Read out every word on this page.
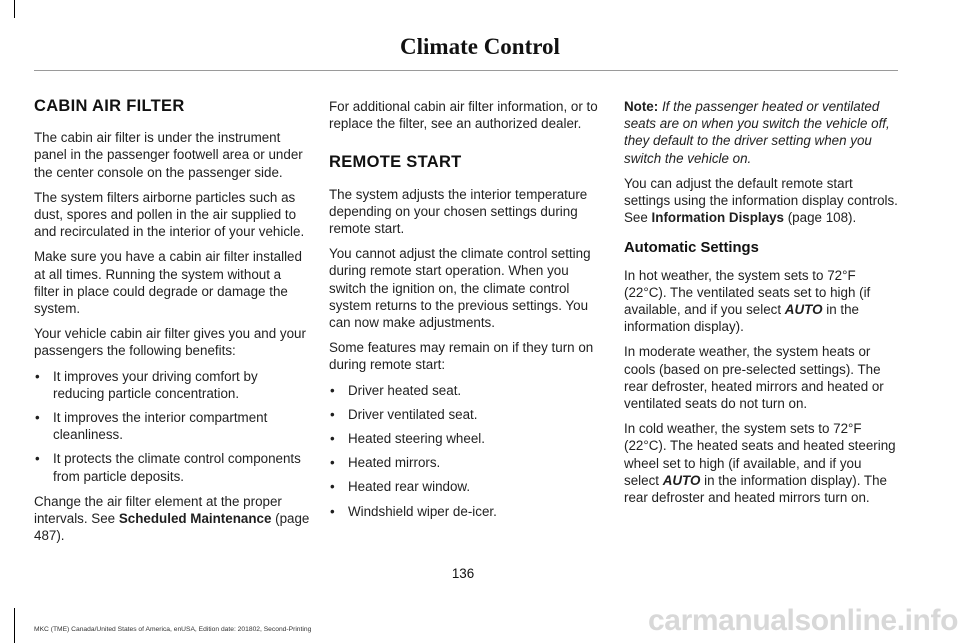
Climate Control
CABIN AIR FILTER

The cabin air filter is under the instrument panel in the passenger footwell area or under the center console on the passenger side.

The system filters airborne particles such as dust, spores and pollen in the air supplied to and recirculated in the interior of your vehicle.

Make sure you have a cabin air filter installed at all times. Running the system without a filter in place could degrade or damage the system.

Your vehicle cabin air filter gives you and your passengers the following benefits:

• It improves your driving comfort by reducing particle concentration.
• It improves the interior compartment cleanliness.
• It protects the climate control components from particle deposits.

Change the air filter element at the proper intervals. See Scheduled Maintenance (page 487).

For additional cabin air filter information, or to replace the filter, see an authorized dealer.

REMOTE START

The system adjusts the interior temperature depending on your chosen settings during remote start.

You cannot adjust the climate control setting during remote start operation. When you switch the ignition on, the climate control system returns to the previous settings. You can now make adjustments.

Some features may remain on if they turn on during remote start:

• Driver heated seat.
• Driver ventilated seat.
• Heated steering wheel.
• Heated mirrors.
• Heated rear window.
• Windshield wiper de-icer.

Note: If the passenger heated or ventilated seats are on when you switch the vehicle off, they default to the driver setting when you switch the vehicle on.

You can adjust the default remote start settings using the information display controls. See Information Displays (page 108).

Automatic Settings

In hot weather, the system sets to 72°F (22°C). The ventilated seats set to high (if available, and if you select AUTO in the information display).

In moderate weather, the system heats or cools (based on pre-selected settings). The rear defroster, heated mirrors and heated or ventilated seats do not turn on.

In cold weather, the system sets to 72°F (22°C). The heated seats and heated steering wheel set to high (if available, and if you select AUTO in the information display). The rear defroster and heated mirrors turn on.

136
MKC (TME) Canada/United States of America, enUSA, Edition date: 201802, Second-Printing	carmanualsonline.info
